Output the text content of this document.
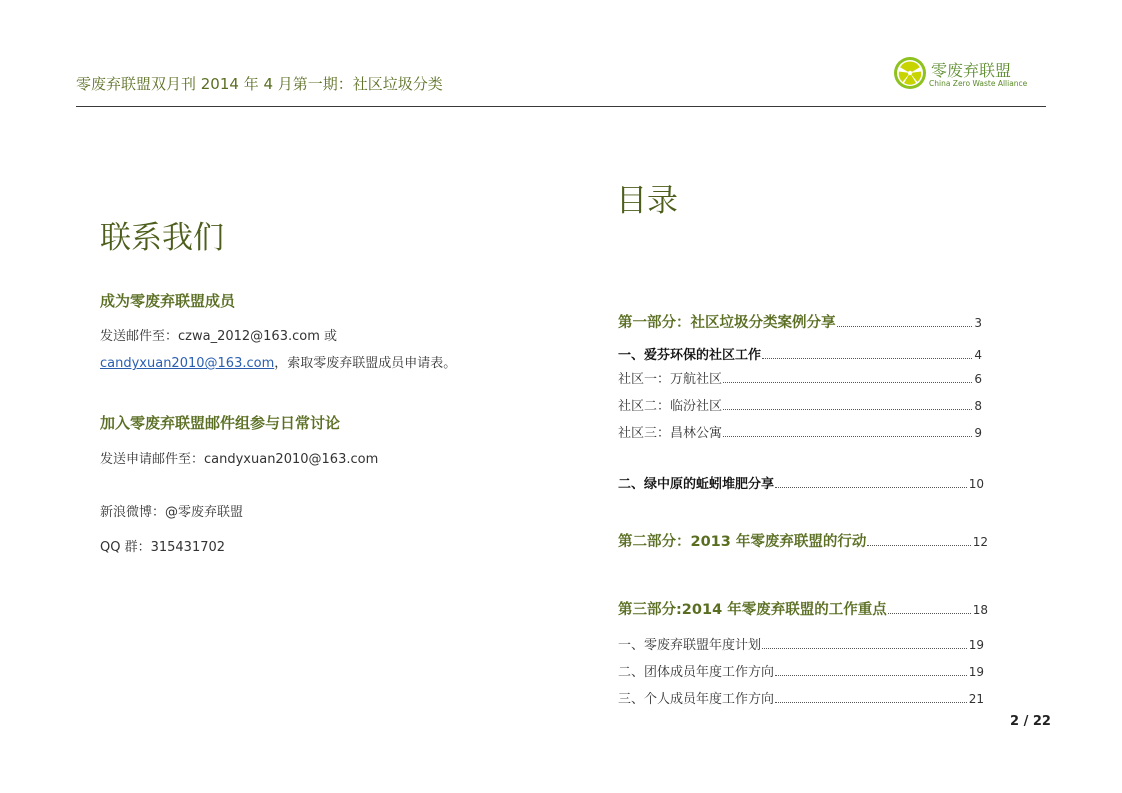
零废弃联盟双月刊 2014 年 4 月第一期：社区垃圾分类
零废弃联盟
China Zero Waste Alliance
联系我们
成为零废弃联盟成员
发送邮件至：czwa_2012@163.com 或
candyxuan2010@163.com，索取零废弃联盟成员申请表。
加入零废弃联盟邮件组参与日常讨论
发送申请邮件至：candyxuan2010@163.com
新浪微博：@零废弃联盟
QQ 群：315431702
目录
第一部分：社区垃圾分类案例分享	3
一、爱芬环保的社区工作	4
社区一：万航社区	6
社区二：临汾社区	8
社区三：昌林公寓	9
二、绿中原的蚯蚓堆肥分享	10
第二部分：2013 年零废弃联盟的行动	12
第三部分:2014 年零废弃联盟的工作重点	18
一、零废弃联盟年度计划	19
二、团体成员年度工作方向	19
三、个人成员年度工作方向	21
2 / 22
